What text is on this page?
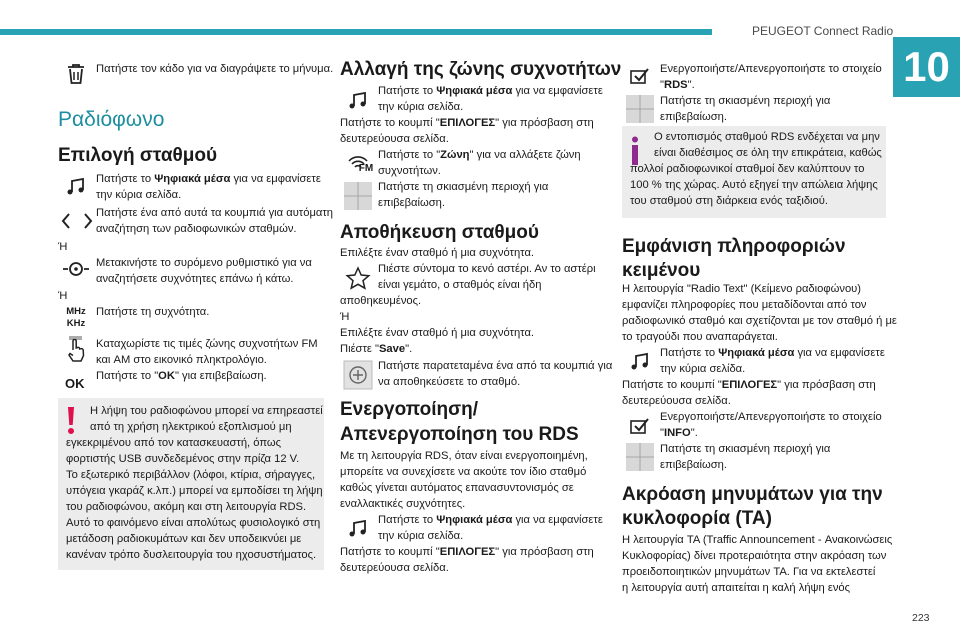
PEUGEOT Connect Radio
10
Πατήστε τον κάδο για να διαγράψετε το μήνυμα.
Ραδιόφωνο
Επιλογή σταθμού
Πατήστε το Ψηφιακά μέσα για να εμφανίσετε
την κύρια σελίδα.
Πατήστε ένα από αυτά τα κουμπιά για αυτόματη
αναζήτηση των ραδιοφωνικών σταθμών.
Ή
Μετακινήστε το συρόμενο ρυθμιστικό για να
αναζητήσετε συχνότητες επάνω ή κάτω.
Ή
MHz
KHz
Πατήστε τη συχνότητα.
Καταχωρίστε τις τιμές ζώνης συχνοτήτων FM
και AM στο εικονικό πληκτρολόγιο.
Πατήστε το "OK" για επιβεβαίωση.
OK
Η λήψη του ραδιοφώνου μπορεί να επηρεαστεί
από τη χρήση ηλεκτρικού εξοπλισμού μη
εγκεκριμένου από τον κατασκευαστή, όπως
φορτιστής USB συνδεδεμένος στην πρίζα 12 V.
Το εξωτερικό περιβάλλον (λόφοι, κτίρια, σήραγγες,
υπόγεια γκαράζ κ.λπ.) μπορεί να εμποδίσει τη λήψη
του ραδιοφώνου, ακόμη και στη λειτουργία RDS.
Αυτό το φαινόμενο είναι απολύτως φυσιολογικό στη
μετάδοση ραδιοκυμάτων και δεν υποδεικνύει με
κανέναν τρόπο δυσλειτουργία του ηχοσυστήματος.
Αλλαγή της ζώνης συχνοτήτων
Πατήστε το Ψηφιακά μέσα για να εμφανίσετε
την κύρια σελίδα.
Πατήστε το κουμπί "ΕΠΙΛΟΓΕΣ" για πρόσβαση στη
δευτερεύουσα σελίδα.
FM
Πατήστε το "Ζώνη" για να αλλάξετε ζώνη
συχνοτήτων.
Πατήστε τη σκιασμένη περιοχή για
επιβεβαίωση.
Αποθήκευση σταθμού
Επιλέξτε έναν σταθμό ή μια συχνότητα.
Πιέστε σύντομα το κενό αστέρι. Αν το αστέρι
είναι γεμάτο, ο σταθμός είναι ήδη
αποθηκευμένος.
Ή
Επιλέξτε έναν σταθμό ή μια συχνότητα.
Πιέστε "Save".
Πατήστε παρατεταμένα ένα από τα κουμπιά για
να αποθηκεύσετε το σταθμό.
Ενεργοποίηση/
Απενεργοποίηση του RDS
Με τη λειτουργία RDS, όταν είναι ενεργοποιημένη,
μπορείτε να συνεχίσετε να ακούτε τον ίδιο σταθμό
καθώς γίνεται αυτόματος επανασυντονισμός σε
εναλλακτικές συχνότητες.
Πατήστε το Ψηφιακά μέσα για να εμφανίσετε
την κύρια σελίδα.
Πατήστε το κουμπί "ΕΠΙΛΟΓΕΣ" για πρόσβαση στη
δευτερεύουσα σελίδα.
Ενεργοποιήστε/Απενεργοποιήστε το στοιχείο
"RDS".
Πατήστε τη σκιασμένη περιοχή για
επιβεβαίωση.
Ο εντοπισμός σταθμού RDS ενδέχεται να μην
είναι διαθέσιμος σε όλη την επικράτεια, καθώς
πολλοί ραδιοφωνικοί σταθμοί δεν καλύπτουν το
100 % της χώρας. Αυτό εξηγεί την απώλεια λήψης
του σταθμού στη διάρκεια ενός ταξιδιού.
Εμφάνιση πληροφοριών
κειμένου
Η λειτουργία "Radio Text" (Κείμενο ραδιοφώνου)
εμφανίζει πληροφορίες που μεταδίδονται από τον
ραδιοφωνικό σταθμό και σχετίζονται με τον σταθμό ή με
το τραγούδι που αναπαράγεται.
Πατήστε το Ψηφιακά μέσα για να εμφανίσετε
την κύρια σελίδα.
Πατήστε το κουμπί "ΕΠΙΛΟΓΕΣ" για πρόσβαση στη
δευτερεύουσα σελίδα.
Ενεργοποιήστε/Απενεργοποιήστε το στοιχείο
"INFO".
Πατήστε τη σκιασμένη περιοχή για
επιβεβαίωση.
Ακρόαση μηνυμάτων για την
κυκλοφορία (TA)
Η λειτουργία TA (Traffic Announcement - Ανακοινώσεις
Κυκλοφορίας) δίνει προτεραιότητα στην ακρόαση των
προειδοποιητικών μηνυμάτων TA. Για να εκτελεστεί
η λειτουργία αυτή απαιτείται η καλή λήψη ενός
223
